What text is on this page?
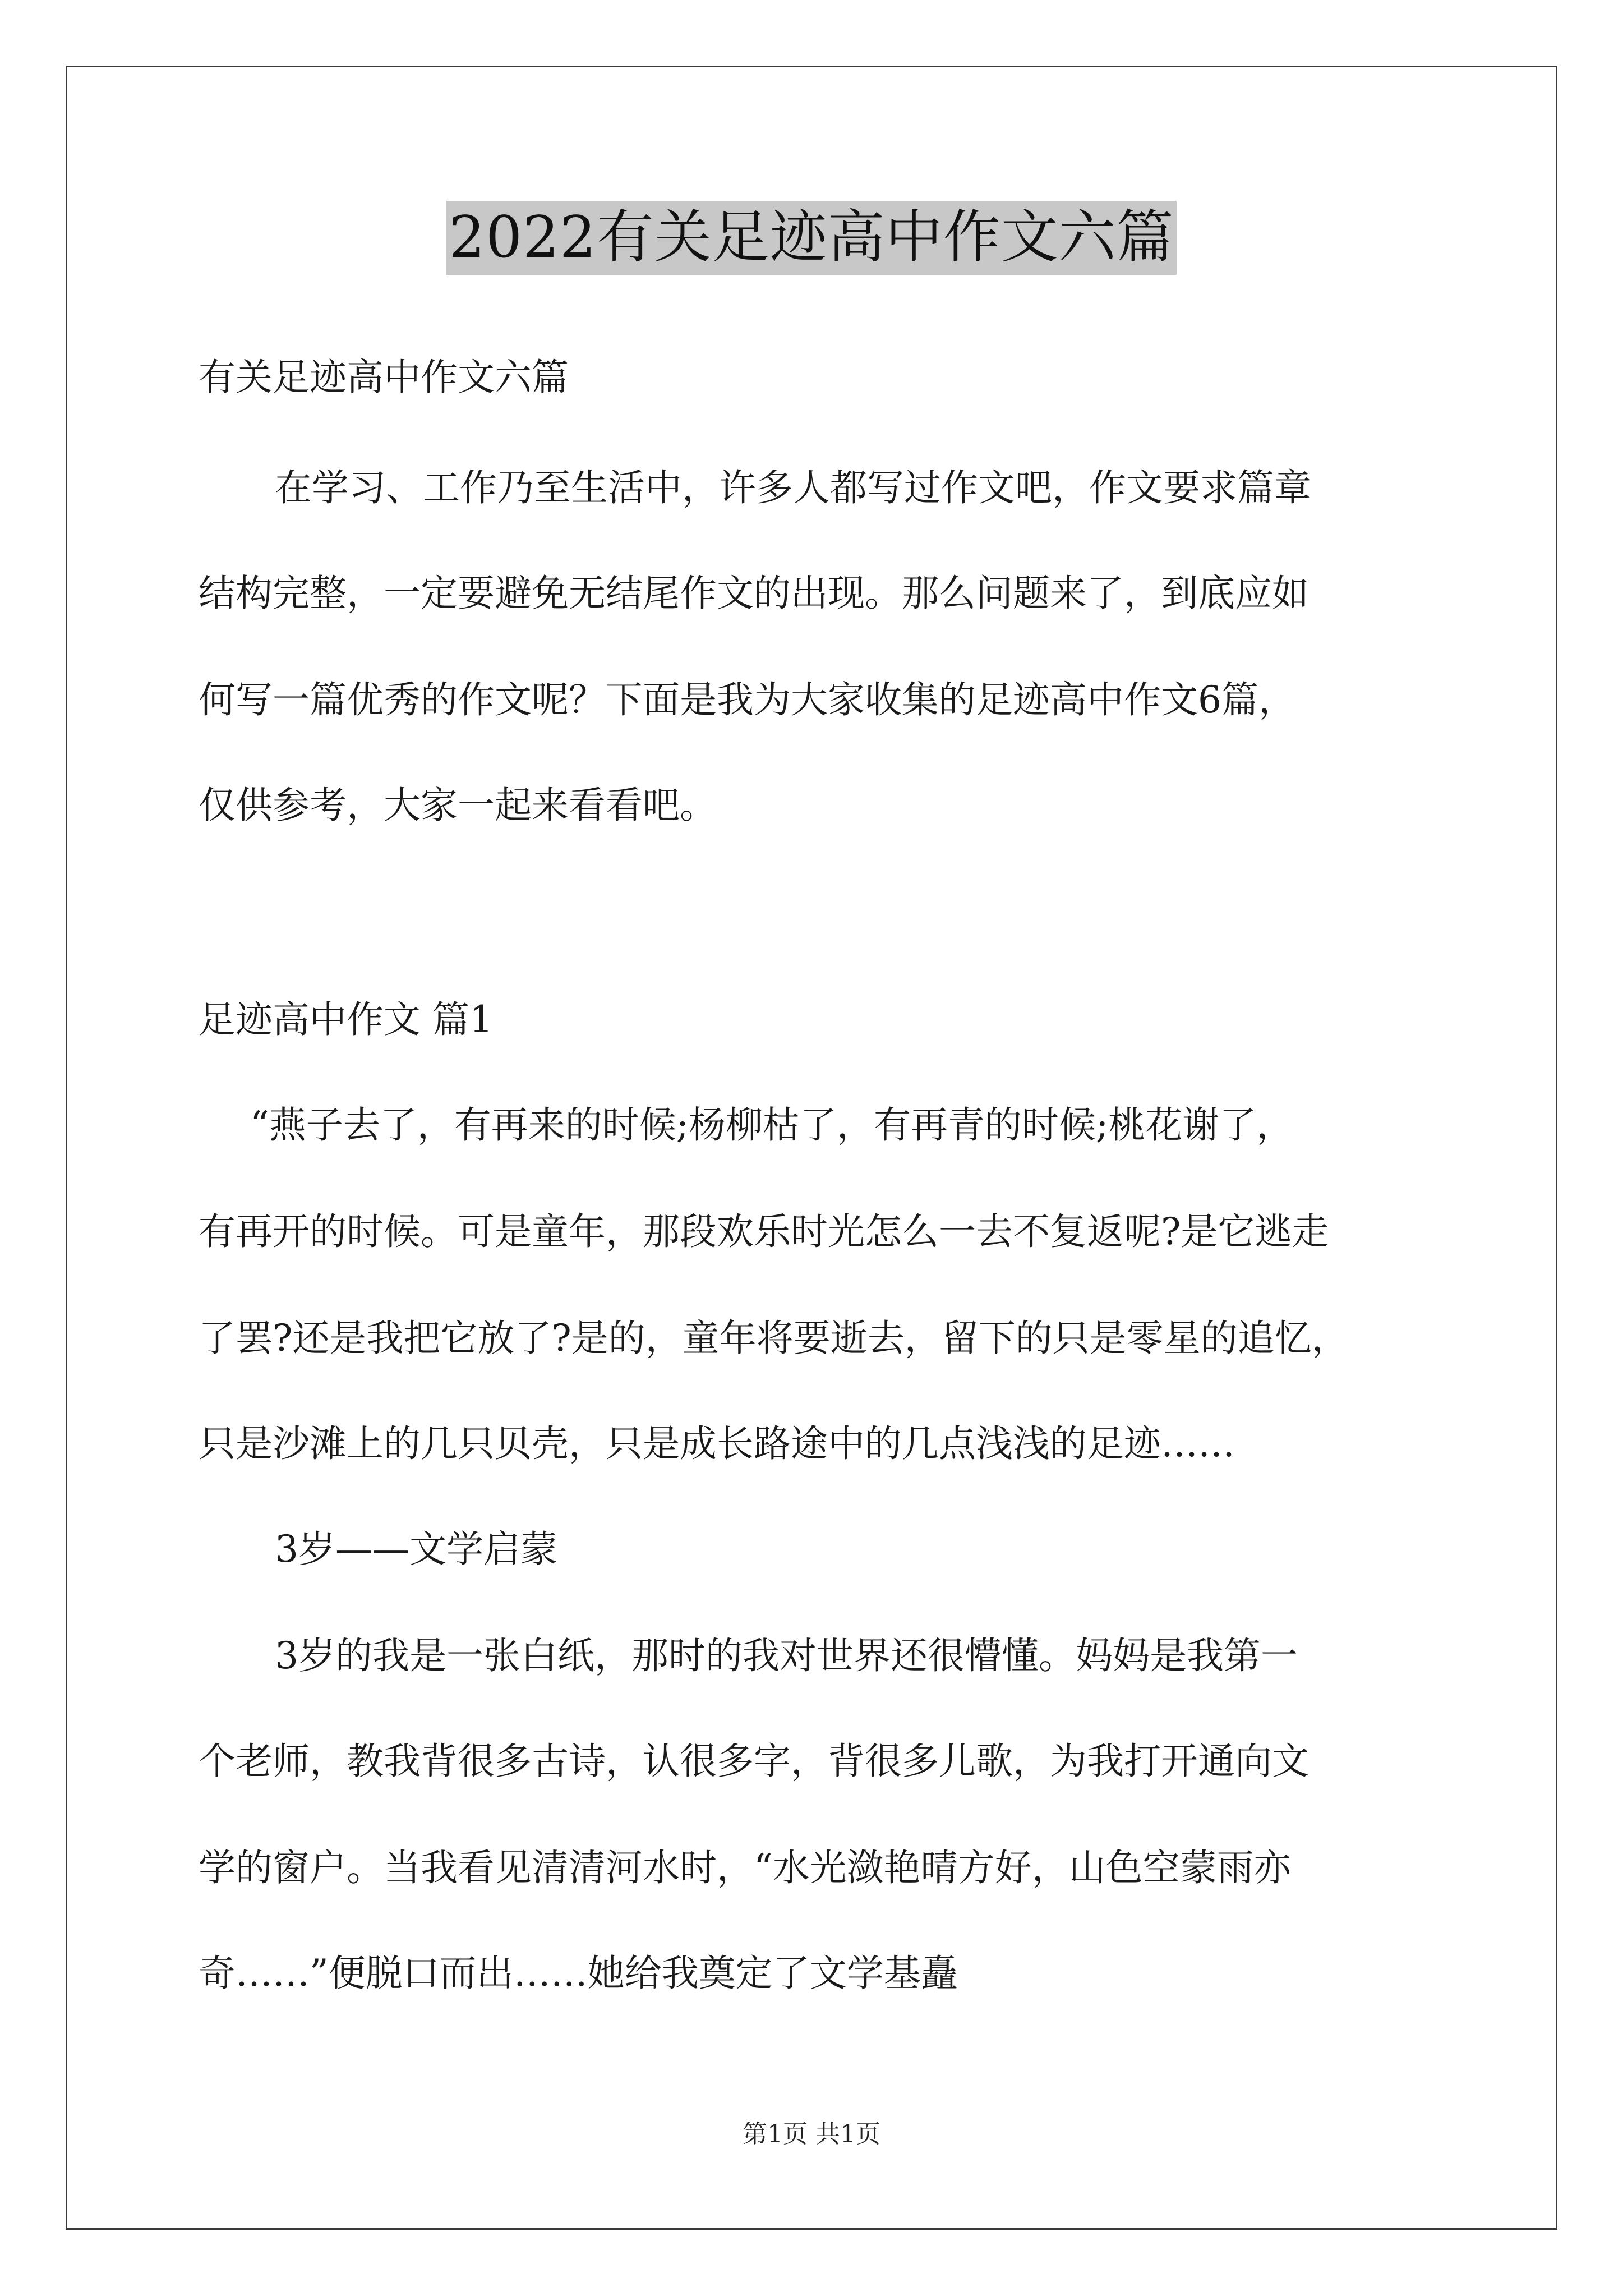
2022有关足迹高中作文六篇

有关足迹高中作文六篇

在学习、工作乃至生活中，许多人都写过作文吧，作文要求篇章

结构完整，一定要避免无结尾作文的出现。那么问题来了，到底应如

何写一篇优秀的作文呢？下面是我为大家收集的足迹高中作文6篇，

仅供参考，大家一起来看看吧。

足迹高中作文 篇1

“燕子去了，有再来的时候;杨柳枯了，有再青的时候;桃花谢了，

有再开的时候。可是童年，那段欢乐时光怎么一去不复返呢?是它逃走

了罢?还是我把它放了?是的，童年将要逝去，留下的只是零星的追忆，

只是沙滩上的几只贝壳，只是成长路途中的几点浅浅的足迹……

3岁——文学启蒙

3岁的我是一张白纸，那时的我对世界还很懵懂。妈妈是我第一

个老师，教我背很多古诗，认很多字，背很多儿歌，为我打开通向文

学的窗户。当我看见清清河水时，“水光潋艳晴方好，山色空蒙雨亦

奇……”便脱口而出……她给我奠定了文学基矗

第1页 共1页
